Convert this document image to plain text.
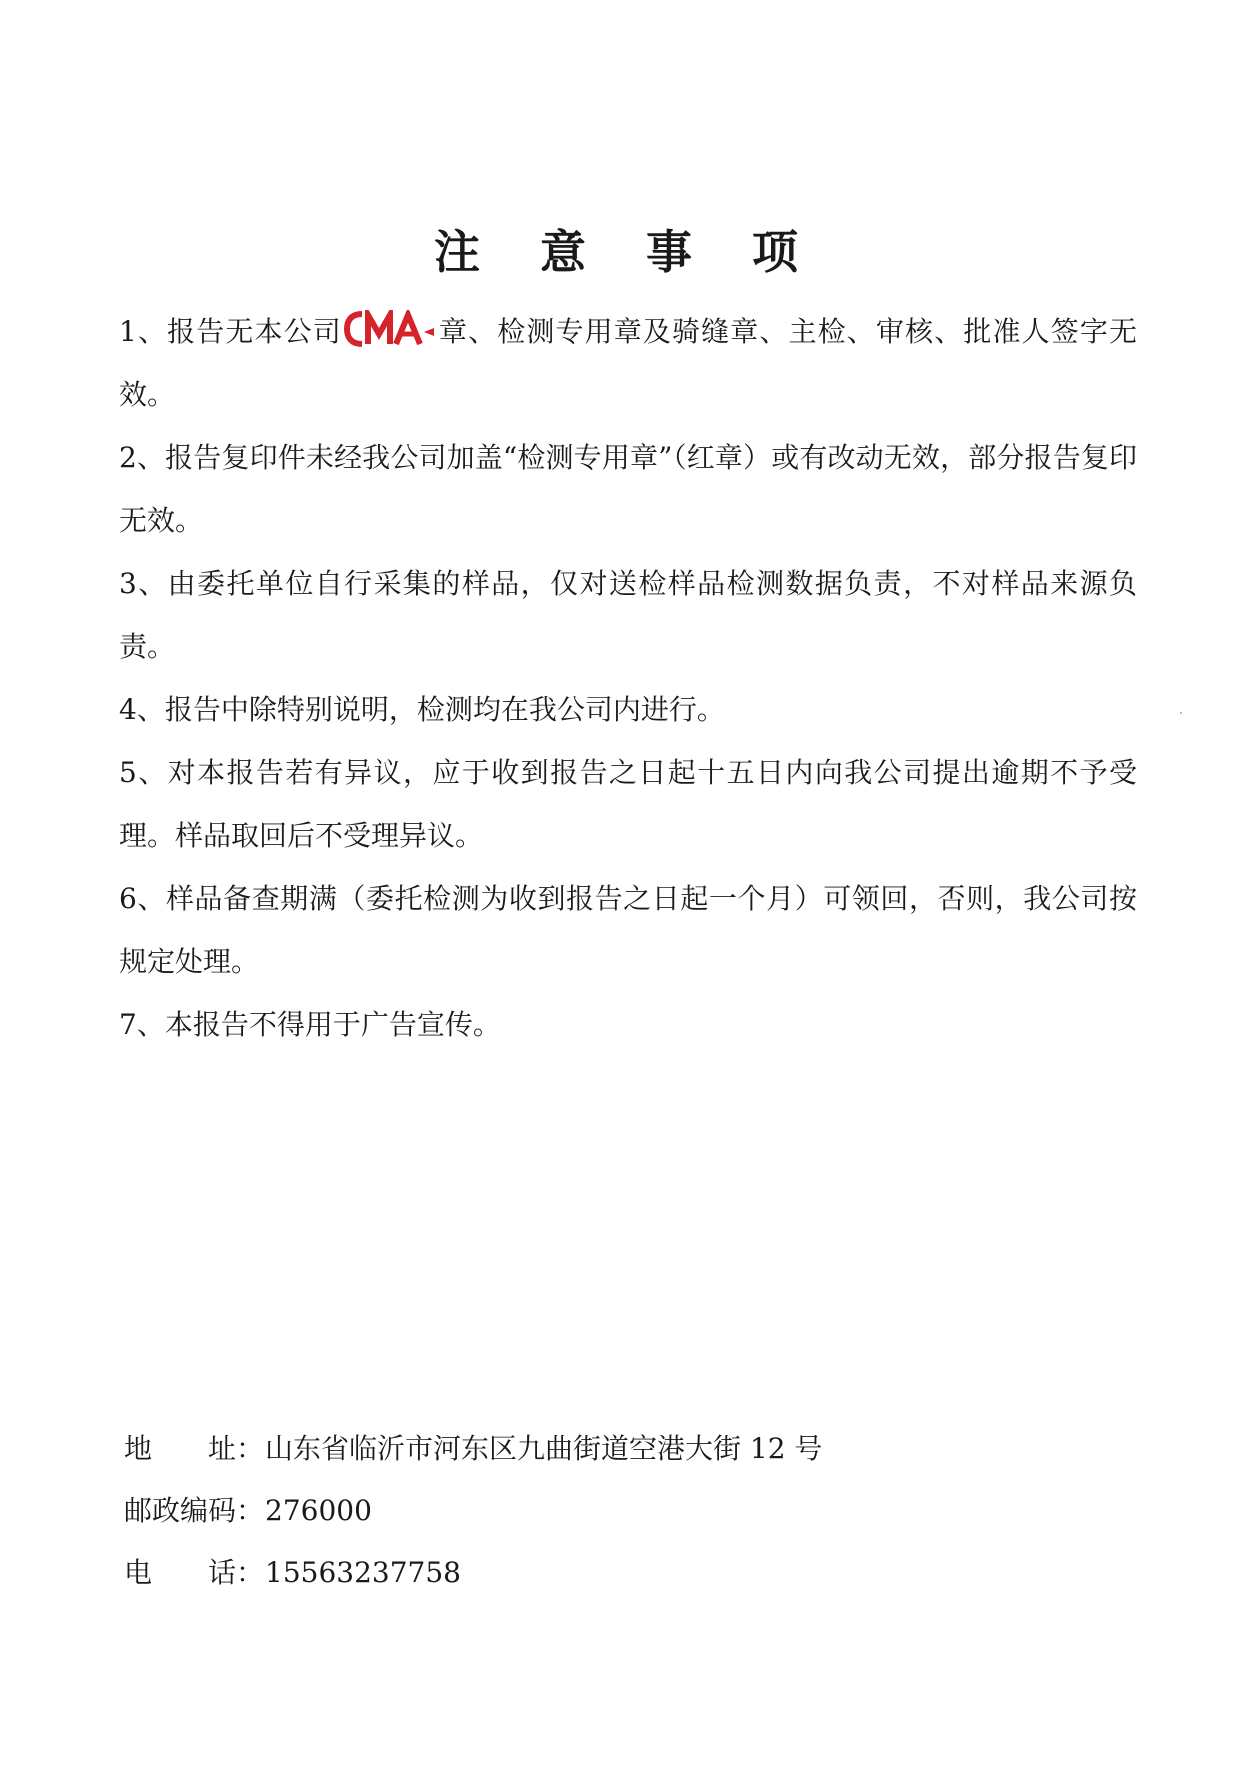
注 意 事 项

1、报告无本公司	章、检测专用章及骑缝章、主检、审核、批准人签字无效。

2、报告复印件未经我公司加盖“检测专用章”（红章）或有改动无效，部分报告复印无效。

3、由委托单位自行采集的样品，仅对送检样品检测数据负责，不对样品来源负责。

4、报告中除特别说明，检测均在我公司内进行。

5、对本报告若有异议，应于收到报告之日起十五日内向我公司提出逾期不予受理。样品取回后不受理异议。

6、样品备查期满（委托检测为收到报告之日起一个月）可领回，否则，我公司按规定处理。

7、本报告不得用于广告宣传。

地　　址：山东省临沂市河东区九曲街道空港大街 12 号
邮政编码：276000
电　　话：15563237758
